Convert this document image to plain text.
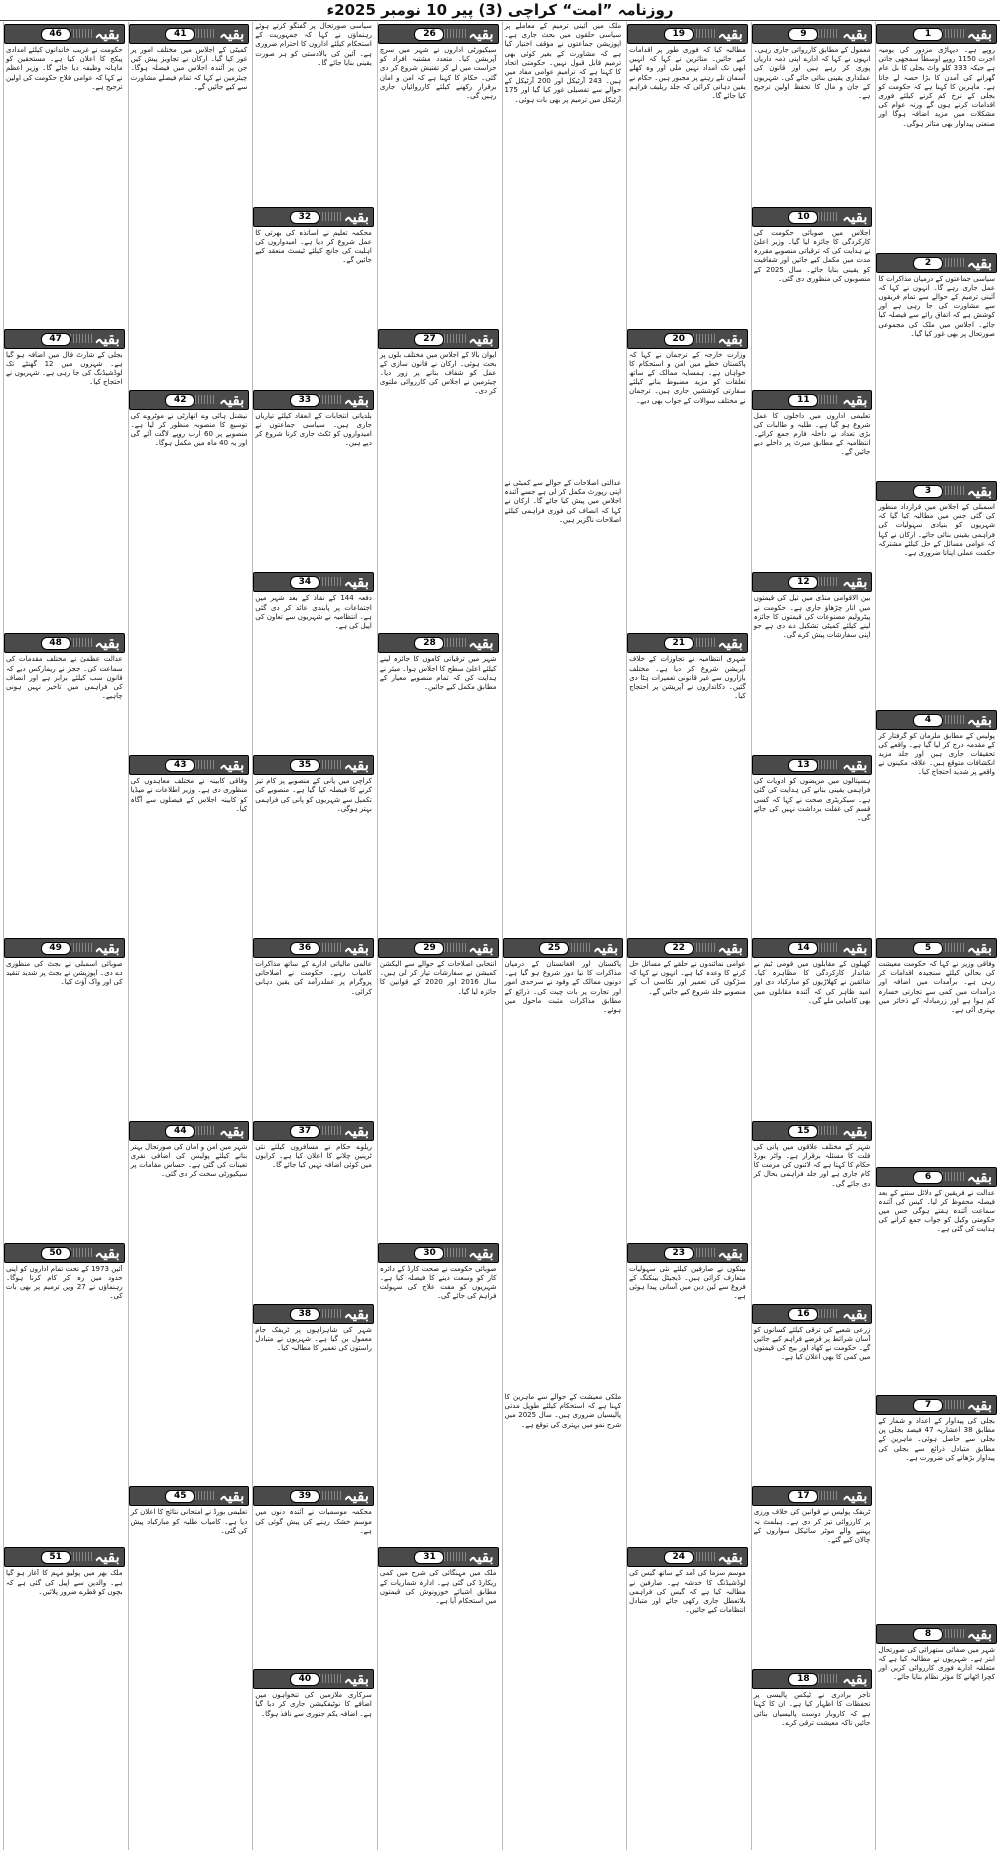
روزنامہ ”امت“ کراچی (3) پیر 10 نومبر 2025ء
بقیہ
1
روپے ہے۔ دیہاڑی مزدور کی یومیہ اجرت 1150 روپے اوسطاً سمجھی جاتی ہے جبکہ 333 کلو واٹ بجلی کا بل عام گھرانے کی آمدن کا بڑا حصہ لے جاتا ہے۔ ماہرین کا کہنا ہے کہ حکومت کو بجلی کے نرخ کم کرنے کیلئے فوری اقدامات کرنے ہوں گے ورنہ عوام کی مشکلات میں مزید اضافہ ہوگا اور صنعتی پیداوار بھی متاثر ہوگی۔
بقیہ
2
سیاسی جماعتوں کے درمیان مذاکرات کا عمل جاری رہے گا۔ انہوں نے کہا کہ آئینی ترمیم کے حوالے سے تمام فریقوں سے مشاورت کی جا رہی ہے اور کوشش ہے کہ اتفاق رائے سے فیصلہ کیا جائے۔ اجلاس میں ملک کی مجموعی صورتحال پر بھی غور کیا گیا۔
بقیہ
3
اسمبلی کے اجلاس میں قرارداد منظور کی گئی جس میں مطالبہ کیا گیا کہ شہریوں کو بنیادی سہولیات کی فراہمی یقینی بنائی جائے۔ ارکان نے کہا کہ عوامی مسائل کے حل کیلئے مشترکہ حکمت عملی اپنانا ضروری ہے۔
بقیہ
4
پولیس کے مطابق ملزمان کو گرفتار کر کے مقدمہ درج کر لیا گیا ہے۔ واقعے کی تحقیقات جاری ہیں اور جلد مزید انکشافات متوقع ہیں۔ علاقہ مکینوں نے واقعے پر شدید احتجاج کیا۔
بقیہ
5
وفاقی وزیر نے کہا کہ حکومت معیشت کی بحالی کیلئے سنجیدہ اقدامات کر رہی ہے۔ برآمدات میں اضافہ اور درآمدات میں کمی سے تجارتی خسارہ کم ہوا ہے اور زرمبادلہ کے ذخائر میں بہتری آئی ہے۔
بقیہ
6
عدالت نے فریقین کے دلائل سننے کے بعد فیصلہ محفوظ کر لیا۔ کیس کی آئندہ سماعت آئندہ ہفتے ہوگی جس میں حکومتی وکیل کو جواب جمع کرانے کی ہدایت کی گئی ہے۔
بقیہ
7
بجلی کی پیداوار کے اعداد و شمار کے مطابق 38 اعشاریہ 47 فیصد بجلی پن بجلی سے حاصل ہوئی۔ ماہرین کے مطابق متبادل ذرائع سے بجلی کی پیداوار بڑھانے کی ضرورت ہے۔
بقیہ
8
شہر میں صفائی ستھرائی کی صورتحال ابتر ہے۔ شہریوں نے مطالبہ کیا ہے کہ متعلقہ ادارے فوری کارروائی کریں اور کچرا اٹھانے کا مؤثر نظام بنایا جائے۔
بقیہ
9
معمول کے مطابق کارروائی جاری رہی۔ انہوں نے کہا کہ ادارے اپنی ذمہ داریاں پوری کر رہے ہیں اور قانون کی عملداری یقینی بنائی جائے گی۔ شہریوں کے جان و مال کا تحفظ اولین ترجیح ہے۔
بقیہ
10
اجلاس میں صوبائی حکومت کی کارکردگی کا جائزہ لیا گیا۔ وزیر اعلیٰ نے ہدایت کی کہ ترقیاتی منصوبے مقررہ مدت میں مکمل کیے جائیں اور شفافیت کو یقینی بنایا جائے۔ سال 2025 کے منصوبوں کی منظوری دی گئی۔
بقیہ
11
تعلیمی اداروں میں داخلوں کا عمل شروع ہو گیا ہے۔ طلبہ و طالبات کی بڑی تعداد نے داخلہ فارم جمع کرائے۔ انتظامیہ کے مطابق میرٹ پر داخلے دیے جائیں گے۔
بقیہ
12
بین الاقوامی منڈی میں تیل کی قیمتوں میں اتار چڑھاؤ جاری ہے۔ حکومت نے پیٹرولیم مصنوعات کی قیمتوں کا جائزہ لینے کیلئے کمیٹی تشکیل دے دی ہے جو اپنی سفارشات پیش کرے گی۔
بقیہ
13
ہسپتالوں میں مریضوں کو ادویات کی فراہمی یقینی بنانے کی ہدایت کی گئی ہے۔ سیکریٹری صحت نے کہا کہ کسی قسم کی غفلت برداشت نہیں کی جائے گی۔
بقیہ
14
کھیلوں کے مقابلوں میں قومی ٹیم نے شاندار کارکردگی کا مظاہرہ کیا۔ شائقین نے کھلاڑیوں کو مبارکباد دی اور امید ظاہر کی کہ آئندہ مقابلوں میں بھی کامیابی ملے گی۔
بقیہ
15
شہر کے مختلف علاقوں میں پانی کی قلت کا مسئلہ برقرار ہے۔ واٹر بورڈ حکام کا کہنا ہے کہ لائنوں کی مرمت کا کام جاری ہے اور جلد فراہمی بحال کر دی جائے گی۔
بقیہ
16
زرعی شعبے کی ترقی کیلئے کسانوں کو آسان شرائط پر قرضے فراہم کیے جائیں گے۔ حکومت نے کھاد اور بیج کی قیمتوں میں کمی کا بھی اعلان کیا ہے۔
بقیہ
17
ٹریفک پولیس نے قوانین کی خلاف ورزی پر کارروائی تیز کر دی ہے۔ ہیلمٹ نہ پہننے والے موٹر سائیکل سواروں کے چالان کیے گئے۔
بقیہ
18
تاجر برادری نے ٹیکس پالیسی پر تحفظات کا اظہار کیا ہے۔ ان کا کہنا ہے کہ کاروبار دوست پالیسیاں بنائی جائیں تاکہ معیشت ترقی کرے۔
بقیہ
19
مطالبہ کیا کہ فوری طور پر اقدامات کیے جائیں۔ متاثرین نے کہا کہ انہیں ابھی تک امداد نہیں ملی اور وہ کھلے آسمان تلے رہنے پر مجبور ہیں۔ حکام نے یقین دہانی کرائی کہ جلد ریلیف فراہم کیا جائے گا۔
بقیہ
20
وزارت خارجہ کے ترجمان نے کہا کہ پاکستان خطے میں امن و استحکام کا خواہاں ہے۔ ہمسایہ ممالک کے ساتھ تعلقات کو مزید مضبوط بنانے کیلئے سفارتی کوششیں جاری ہیں۔ ترجمان نے مختلف سوالات کے جواب بھی دیے۔
بقیہ
21
شہری انتظامیہ نے تجاوزات کے خلاف آپریشن شروع کر دیا ہے۔ مختلف بازاروں سے غیر قانونی تعمیرات ہٹا دی گئیں۔ دکانداروں نے آپریشن پر احتجاج کیا۔
بقیہ
22
عوامی نمائندوں نے حلقے کے مسائل حل کرنے کا وعدہ کیا ہے۔ انہوں نے کہا کہ سڑکوں کی تعمیر اور نکاسی آب کے منصوبے جلد شروع کیے جائیں گے۔
بقیہ
23
بینکوں نے صارفین کیلئے نئی سہولیات متعارف کرائی ہیں۔ ڈیجیٹل بینکنگ کے فروغ سے لین دین میں آسانی پیدا ہوئی ہے۔
بقیہ
24
موسم سرما کی آمد کے ساتھ گیس کی لوڈشیڈنگ کا خدشہ ہے۔ صارفین نے مطالبہ کیا ہے کہ گیس کی فراہمی بلاتعطل جاری رکھی جائے اور متبادل انتظامات کیے جائیں۔
ملک میں آئینی ترمیم کے معاملے پر سیاسی حلقوں میں بحث جاری ہے۔ اپوزیشن جماعتوں نے مؤقف اختیار کیا ہے کہ مشاورت کے بغیر کوئی بھی ترمیم قابل قبول نہیں۔ حکومتی اتحاد کا کہنا ہے کہ ترامیم عوامی مفاد میں ہیں۔ 243 آرٹیکل اور 200 آرٹیکل کے حوالے سے تفصیلی غور کیا گیا اور 175 آرٹیکل میں ترمیم پر بھی بات ہوئی۔
عدالتی اصلاحات کے حوالے سے کمیٹی نے اپنی رپورٹ مکمل کر لی ہے جسے آئندہ اجلاس میں پیش کیا جائے گا۔ ارکان نے کہا کہ انصاف کی فوری فراہمی کیلئے اصلاحات ناگزیر ہیں۔
بقیہ
25
پاکستان اور افغانستان کے درمیان مذاکرات کا نیا دور شروع ہو گیا ہے۔ دونوں ممالک کے وفود نے سرحدی امور اور تجارت پر بات چیت کی۔ ذرائع کے مطابق مذاکرات مثبت ماحول میں ہوئے۔
ملکی معیشت کے حوالے سے ماہرین کا کہنا ہے کہ استحکام کیلئے طویل مدتی پالیسیاں ضروری ہیں۔ سال 2025 میں شرح نمو میں بہتری کی توقع ہے۔
بقیہ
26
سیکیورٹی اداروں نے شہر میں سرچ آپریشن کیا۔ متعدد مشتبہ افراد کو حراست میں لے کر تفتیش شروع کر دی گئی۔ حکام کا کہنا ہے کہ امن و امان برقرار رکھنے کیلئے کارروائیاں جاری رہیں گی۔
بقیہ
27
ایوان بالا کے اجلاس میں مختلف بلوں پر بحث ہوئی۔ ارکان نے قانون سازی کے عمل کو شفاف بنانے پر زور دیا۔ چیئرمین نے اجلاس کی کارروائی ملتوی کر دی۔
بقیہ
28
شہر میں ترقیاتی کاموں کا جائزہ لینے کیلئے اعلیٰ سطح کا اجلاس ہوا۔ میئر نے ہدایت کی کہ تمام منصوبے معیار کے مطابق مکمل کیے جائیں۔
بقیہ
29
انتخابی اصلاحات کے حوالے سے الیکشن کمیشن نے سفارشات تیار کر لی ہیں۔ سال 2016 اور 2020 کے قوانین کا جائزہ لیا گیا۔
بقیہ
30
صوبائی حکومت نے صحت کارڈ کے دائرہ کار کو وسعت دینے کا فیصلہ کیا ہے۔ شہریوں کو مفت علاج کی سہولت فراہم کی جائے گی۔
بقیہ
31
ملک میں مہنگائی کی شرح میں کمی ریکارڈ کی گئی ہے۔ ادارہ شماریات کے مطابق اشیائے خورونوش کی قیمتوں میں استحکام آیا ہے۔
سیاسی صورتحال پر گفتگو کرتے ہوئے رہنماؤں نے کہا کہ جمہوریت کے استحکام کیلئے اداروں کا احترام ضروری ہے۔ آئین کی بالادستی کو ہر صورت یقینی بنایا جائے گا۔
بقیہ
32
محکمہ تعلیم نے اساتذہ کی بھرتی کا عمل شروع کر دیا ہے۔ امیدواروں کی اہلیت کی جانچ کیلئے ٹیسٹ منعقد کیے جائیں گے۔
بقیہ
33
بلدیاتی انتخابات کے انعقاد کیلئے تیاریاں جاری ہیں۔ سیاسی جماعتوں نے امیدواروں کو ٹکٹ جاری کرنا شروع کر دیے ہیں۔
بقیہ
34
دفعہ 144 کے نفاذ کے بعد شہر میں اجتماعات پر پابندی عائد کر دی گئی ہے۔ انتظامیہ نے شہریوں سے تعاون کی اپیل کی ہے۔
بقیہ
35
کراچی میں پانی کے منصوبے پر کام تیز کرنے کا فیصلہ کیا گیا ہے۔ منصوبے کی تکمیل سے شہریوں کو پانی کی فراہمی بہتر ہوگی۔
بقیہ
36
عالمی مالیاتی ادارے کے ساتھ مذاکرات کامیاب رہے۔ حکومت نے اصلاحاتی پروگرام پر عملدرآمد کی یقین دہانی کرائی۔
بقیہ
37
ریلوے حکام نے مسافروں کیلئے نئی ٹرینیں چلانے کا اعلان کیا ہے۔ کرایوں میں کوئی اضافہ نہیں کیا جائے گا۔
بقیہ
38
شہر کی شاہراہوں پر ٹریفک جام معمول بن گیا ہے۔ شہریوں نے متبادل راستوں کی تعمیر کا مطالبہ کیا۔
بقیہ
39
محکمہ موسمیات نے آئندہ دنوں میں موسم خشک رہنے کی پیش گوئی کی ہے۔
بقیہ
40
سرکاری ملازمین کی تنخواہوں میں اضافے کا نوٹیفکیشن جاری کر دیا گیا ہے۔ اضافہ یکم جنوری سے نافذ ہوگا۔
بقیہ
41
کمیٹی کے اجلاس میں مختلف امور پر غور کیا گیا۔ ارکان نے تجاویز پیش کیں جن پر آئندہ اجلاس میں فیصلہ ہوگا۔ چیئرمین نے کہا کہ تمام فیصلے مشاورت سے کیے جائیں گے۔
بقیہ
42
نیشنل ہائی وے اتھارٹی نے موٹروے کی توسیع کا منصوبہ منظور کر لیا ہے۔ منصوبے پر 60 ارب روپے لاگت آئے گی اور یہ 40 ماہ میں مکمل ہوگا۔
بقیہ
43
وفاقی کابینہ نے مختلف معاہدوں کی منظوری دی ہے۔ وزیر اطلاعات نے میڈیا کو کابینہ اجلاس کے فیصلوں سے آگاہ کیا۔
بقیہ
44
شہر میں امن و امان کی صورتحال بہتر بنانے کیلئے پولیس کی اضافی نفری تعینات کی گئی ہے۔ حساس مقامات پر سیکیورٹی سخت کر دی گئی۔
بقیہ
45
تعلیمی بورڈ نے امتحانی نتائج کا اعلان کر دیا ہے۔ کامیاب طلبہ کو مبارکباد پیش کی گئی۔
بقیہ
46
حکومت نے غریب خاندانوں کیلئے امدادی پیکج کا اعلان کیا ہے۔ مستحقین کو ماہانہ وظیفہ دیا جائے گا۔ وزیر اعظم نے کہا کہ عوامی فلاح حکومت کی اولین ترجیح ہے۔
بقیہ
47
بجلی کے شارٹ فال میں اضافہ ہو گیا ہے۔ شہروں میں 12 گھنٹے تک لوڈشیڈنگ کی جا رہی ہے۔ شہریوں نے احتجاج کیا۔
بقیہ
48
عدالت عظمیٰ نے مختلف مقدمات کی سماعت کی۔ ججز نے ریمارکس دیے کہ قانون سب کیلئے برابر ہے اور انصاف کی فراہمی میں تاخیر نہیں ہونی چاہیے۔
بقیہ
49
صوبائی اسمبلی نے بجٹ کی منظوری دے دی۔ اپوزیشن نے بجٹ پر شدید تنقید کی اور واک آؤٹ کیا۔
بقیہ
50
آئین 1973 کے تحت تمام اداروں کو اپنی حدود میں رہ کر کام کرنا ہوگا۔ رہنماؤں نے 27 ویں ترمیم پر بھی بات کی۔
بقیہ
51
ملک بھر میں پولیو مہم کا آغاز ہو گیا ہے۔ والدین سے اپیل کی گئی ہے کہ بچوں کو قطرے ضرور پلائیں۔
